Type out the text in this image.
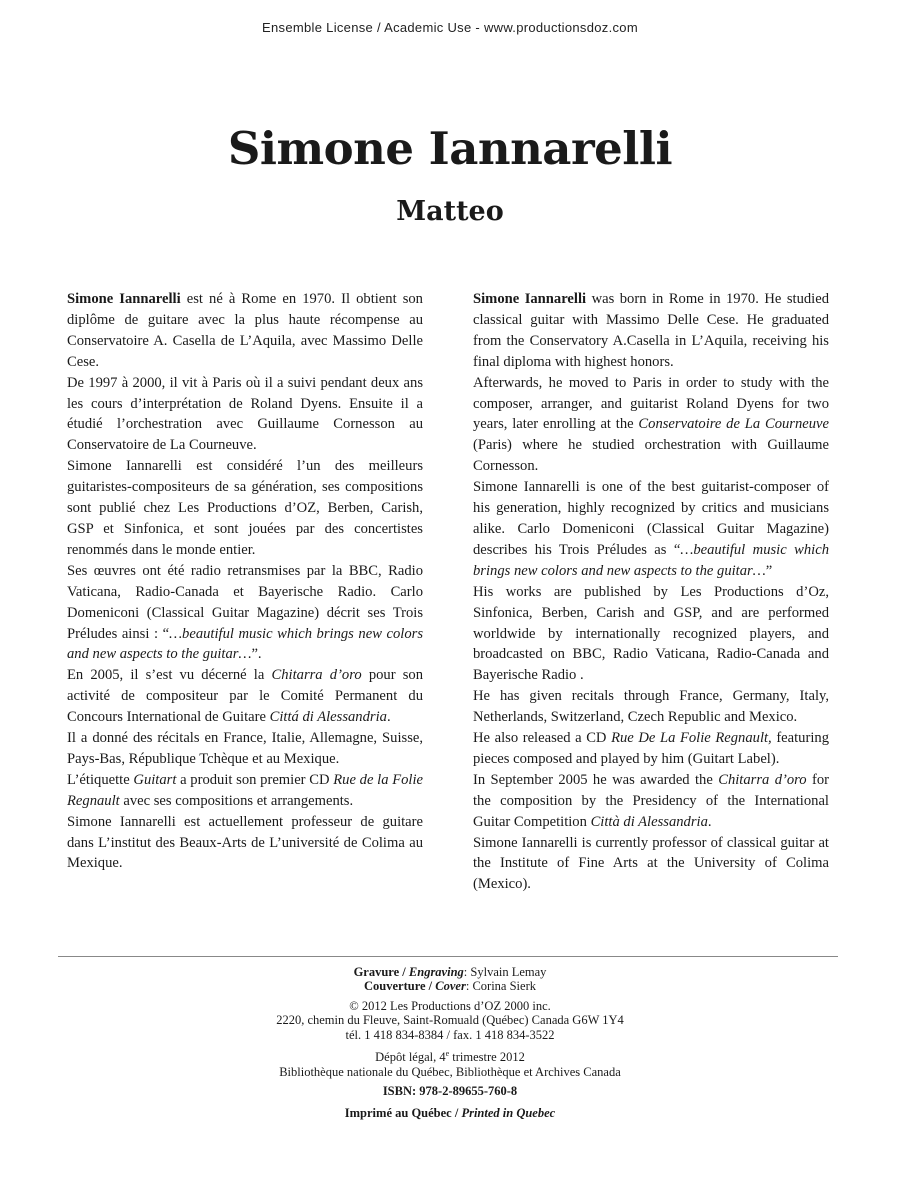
Ensemble License / Academic Use - www.productionsdoz.com
Simone Iannarelli
Matteo

Simone Iannarelli est né à Rome en 1970. Il obtient son diplôme de guitare avec la plus haute récompense au Conservatoire A. Casella de L’Aquila, avec Massimo Delle Cese.

De 1997 à 2000, il vit à Paris où il a suivi pendant deux ans les cours d’interprétation de Roland Dyens. Ensuite il a étudié l’orchestration avec Guillaume Cornesson au Conservatoire de La Courneuve.

Simone Iannarelli est considéré l’un des meilleurs guitaristes-compositeurs de sa génération, ses compositions sont publié chez Les Productions d’OZ, Berben, Carish, GSP et Sinfonica, et sont jouées par des concertistes renommés dans le monde entier.

Ses œuvres ont été radio retransmises par la BBC, Radio Vaticana, Radio-Canada et Bayerische Radio. Carlo Domeniconi (Classical Guitar Magazine) décrit ses Trois Préludes ainsi : “…beautiful music which brings new colors and new aspects to the guitar…”.

En 2005, il s’est vu décerné la Chitarra d’oro pour son activité de compositeur par le Comité Permanent du Concours International de Guitare Cittá di Alessandria.

Il a donné des récitals en France, Italie, Allemagne, Suisse, Pays-Bas, République Tchèque et au Mexique.

L’étiquette Guitart a produit son premier CD Rue de la Folie Regnault avec ses compositions et arrangements.

Simone Iannarelli est actuellement professeur de guitare dans L’institut des Beaux-Arts de L’université de Colima au Mexique.

Simone Iannarelli was born in Rome in 1970. He studied classical guitar with Massimo Delle Cese. He graduated from the Conservatory A.Casella in L’Aquila, receiving his final diploma with highest honors.

Afterwards, he moved to Paris in order to study with the composer, arranger, and guitarist Roland Dyens for two years, later enrolling at the Conservatoire de La Courneuve (Paris) where he studied orchestration with Guillaume Cornesson.

Simone Iannarelli is one of the best guitarist-composer of his generation, highly recognized by critics and musicians alike. Carlo Domeniconi (Classical Guitar Magazine) describes his Trois Préludes as “…beautiful music which brings new colors and new aspects to the guitar…”

His works are published by Les Productions d’Oz, Sinfonica, Berben, Carish and GSP, and are performed worldwide by internationally recognized players, and broadcasted on BBC, Radio Vaticana, Radio-Canada and Bayerische Radio .

He has given recitals through France, Germany, Italy, Netherlands, Switzerland, Czech Republic and Mexico.

He also released a CD Rue De La Folie Regnault, featuring pieces composed and played by him (Guitart Label).

In September 2005 he was awarded the Chitarra d’oro for the composition by the Presidency of the International Guitar Competition Città di Alessandria.

Simone Iannarelli is currently professor of classical guitar at the Institute of Fine Arts at the University of Colima (Mexico).

Gravure / Engraving: Sylvain Lemay

Couverture / Cover: Corina Sierk

© 2012 Les Productions d’OZ 2000 inc.

2220, chemin du Fleuve, Saint-Romuald (Québec) Canada G6W 1Y4

tél. 1 418 834-8384 / fax. 1 418 834-3522

Dépôt légal, 4e trimestre 2012

Bibliothèque nationale du Québec, Bibliothèque et Archives Canada

ISBN: 978-2-89655-760-8

Imprimé au Québec / Printed in Quebec
